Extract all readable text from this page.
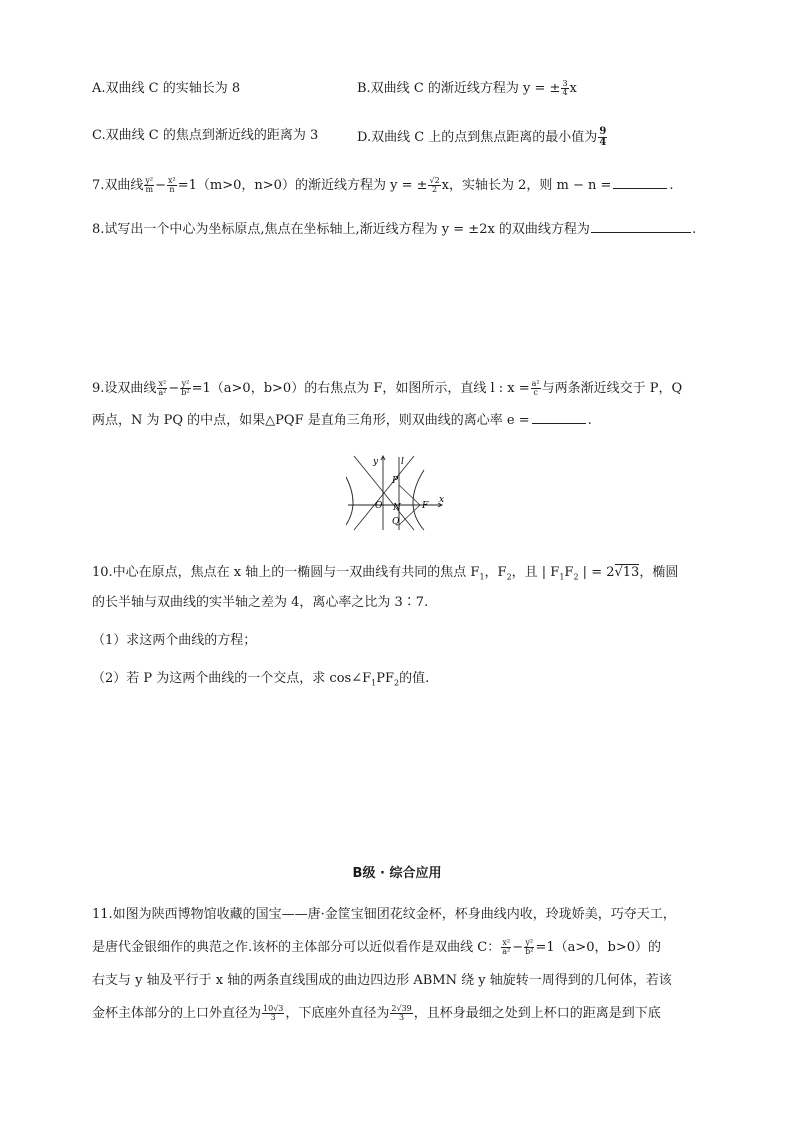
A.双曲线 C 的实轴长为 8	B.双曲线 C 的渐近线方程为 y = ± $\frac{3}{4}$ x
C.双曲线 C 的焦点到渐近线的距离为 3	D.双曲线 C 上的点到焦点距离的最小值为 $\frac{9}{4}$
7.双曲线 $\frac{\text{y²}}{m} - \frac{\text{x²}}{n} =1(m>0$，n>0）的渐近线方程为 y = ± $\frac{√2}{2}$ x，实轴长为 2，则 m − n =	.
8.试写出一个中心为坐标原点,焦点在坐标轴上,渐近线方程为 y = ±2x 的双曲线方程为	.
9.设双曲线 $\frac{\text{x²}}{\text{a²}} - \frac{\text{y²}}{\text{b²}} =1(a>0$，b>0）的右焦点为 F，如图所示，直线 l : $x = \frac{\text{a²}}{c}$ 与两条渐近线交于 P，Q
两点，N 为 PQ 的中点，如果△PQF 是直角三角形，则双曲线的离心率 e =	.
y	l
x
P
O N F
Q
10.中心在原点，焦点在 x 轴上的一椭圆与一双曲线有共同的焦点 $F_1$，$F_2$，且 | $F_1F_2$ | = 2√13，椭圆
的长半轴与双曲线的实半轴之差为 4，离心率之比为 3∶7.
（1）求这两个曲线的方程；
（2）若 P 为这两个曲线的一个交点，求 $\cos\angle F_1PF_2$的值.
B级 · 综合应用
11.如图为陕西博物馆收藏的国宝——唐·金筐宝钿团花纹金杯，杯身曲线内收，玲珑娇美，巧夺天工，
是唐代金银细作的典范之作.该杯的主体部分可以近似看作是双曲线 C： $\frac{\text{x²}}{\text{a²}} - \frac{\text{y²}}{\text{b²}} =1(a>0$，b>0）的
右支与 y 轴及平行于 x 轴的两条直线围成的曲边四边形 ABMN 绕 y 轴旋转一周得到的几何体，若该
金杯主体部分的上口外直径为 $\frac{10√3}{3}$ ，下底座外直径为 $\frac{2√39}{3}$ ，且杯身最细之处到上杯口的距离是到下底
